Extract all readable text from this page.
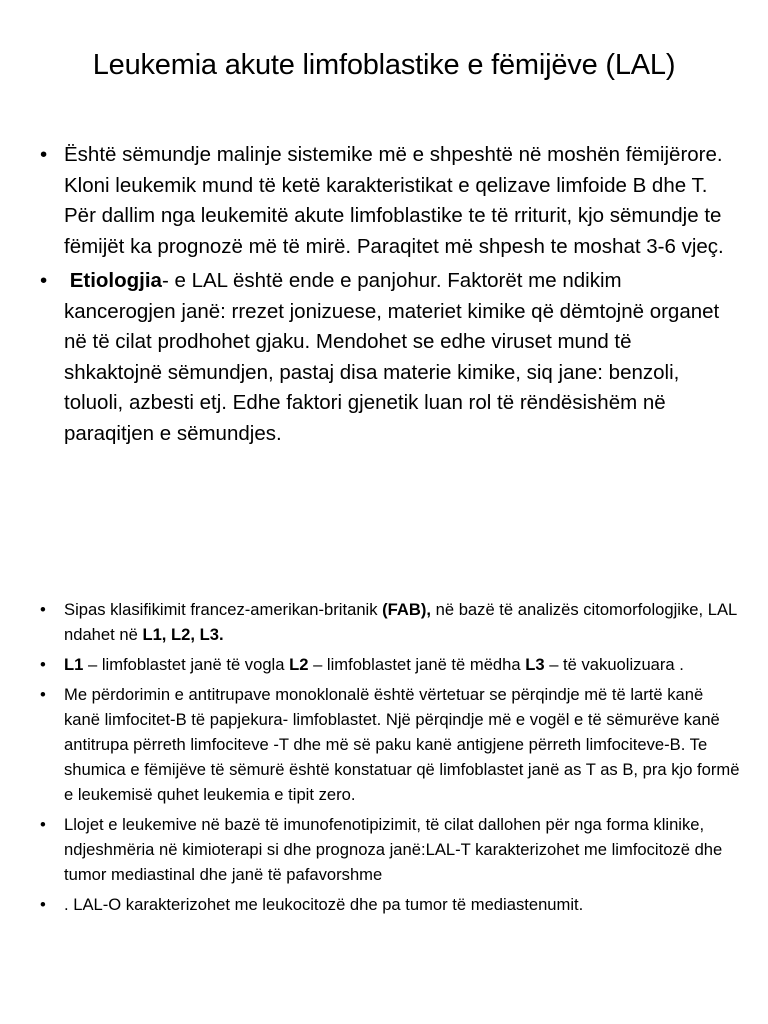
Leukemia akute limfoblastike e fëmijëve (LAL)
• Është sëmundje malinje sistemike më e shpeshtë në moshën fëmijërore. Kloni leukemik mund të ketë karakteristikat e qelizave limfoide B dhe T. Për dallim nga leukemitë akute limfoblastike te të rriturit, kjo sëmundje te fëmijët ka prognozë më të mirë. Paraqitet më shpesh te moshat 3-6 vjeç.
• Etiologjia- e LAL është ende e panjohur. Faktorët me ndikim kancerogjen janë: rrezet jonizuese, materiet kimike që dëmtojnë organet në të cilat prodhohet gjaku. Mendohet se edhe viruset mund të shkaktojnë sëmundjen, pastaj disa materie kimike, siq jane: benzoli, toluoli, azbesti etj. Edhe faktori gjenetik luan rol të rëndësishëm në paraqitjen e sëmundjes.
• Sipas klasifikimit francez-amerikan-britanik (FAB), në bazë të analizës citomorfologjike, LAL ndahet në L1, L2, L3.
• L1 – limfoblastet janë të vogla L2 – limfoblastet janë të mëdha L3 – të vakuolizuara .
• Me përdorimin e antitrupave monoklonalë është vërtetuar se përqindje më të lartë kanë kanë limfocitet-B të papjekura- limfoblastet. Një përqindje më e vogël e të sëmurëve kanë antitrupa përreth limfociteve -T dhe më së paku kanë antigjene përreth limfociteve-B. Te shumica e fëmijëve të sëmurë është konstatuar që limfoblastet janë as T as B, pra kjo formë e leukemisë quhet leukemia e tipit zero.
• Llojet e leukemive në bazë të imunofenotipizimit, të cilat dallohen për nga forma klinike, ndjeshmëria në kimioterapi si dhe prognoza janë:LAL-T karakterizohet me limfocitozë dhe tumor mediastinal dhe janë të pafavorshme
• . LAL-O karakterizohet me leukocitozë dhe pa tumor të mediastenumit.
